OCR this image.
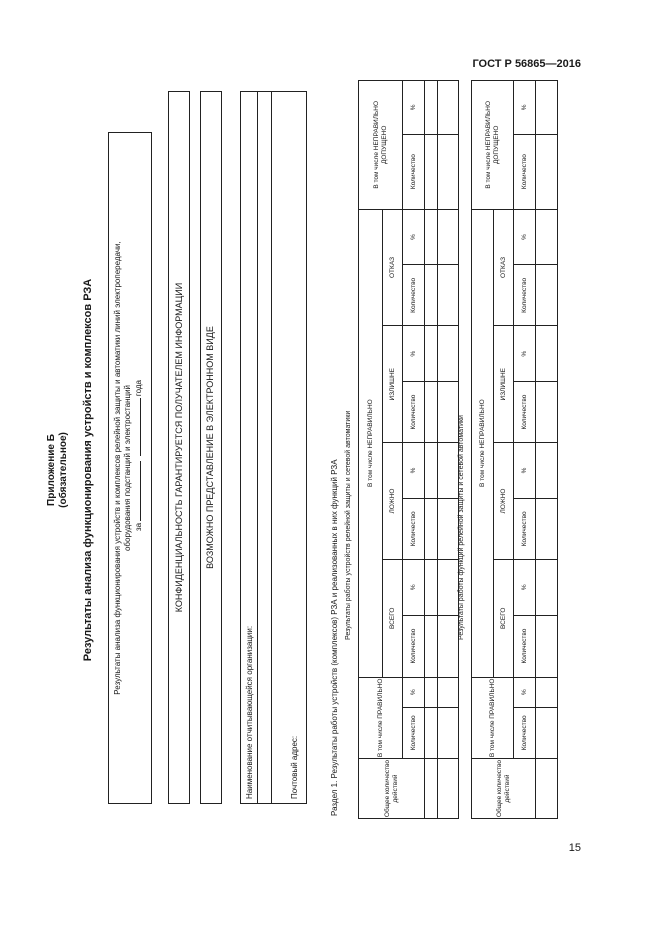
ГОСТ Р 56865—2016
Приложение Б (обязательное) Результаты анализа функционирования устройств и комплексов РЗА Результаты анализа функционирования устройств и комплексов релейной защиты и автоматики линий электропередачи, оборудования подстанций и электростанций за   года	КОНФИДЕНЦИАЛЬНОСТЬ ГАРАНТИРУЕТСЯ ПОЛУЧАТЕЛЕМ ИНФОРМАЦИИ ВОЗМОЖНО ПРЕДСТАВЛЕНИЕ В ЭЛЕКТРОННОМ ВИДЕ
Наименование отчитывающейся организации:	Почтовый адрес:	Раздел 1. Результаты работы устройств (комплексов) РЗА и реализованных в них функций РЗА Результаты работы устройств релейной защиты и сетевой автоматики
Общее количество действий	В том числе ПРАВИЛЬНО		В том числе НЕПРАВИЛЬНО								В том числе НЕПРАВИЛЬНО ДОПУЩЕНО	
			ВСЕГО		ЛОЖНО		ИЗЛИШНЕ		ОТКАЗ			
	Количество	%	Количество	%	Количество	%	Количество	%	Количество	%	Количество	%

Результаты работы функций релейной защиты и сетевой автоматики
Общее количество действий	В том числе ПРАВИЛЬНО		В том числе НЕПРАВИЛЬНО								В том числе НЕПРАВИЛЬНО ДОПУЩЕНО	
			ВСЕГО		ЛОЖНО		ИЗЛИШНЕ		ОТКАЗ			
	Количество	%	Количество	%	Количество	%	Количество	%	Количество	%	Количество	%

15
